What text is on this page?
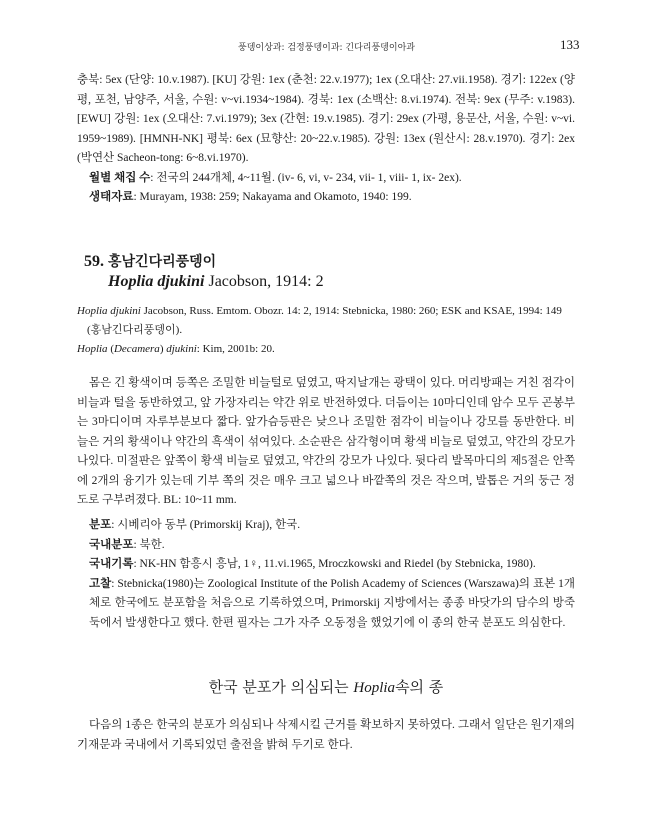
풍뎅이상과: 검정풍뎅이과: 긴다리풍뎅이아과	133

충북: 5ex (단양: 10.v.1987). [KU] 강원: 1ex (춘천: 22.v.1977); 1ex (오대산: 27.vii.1958). 경기: 122ex (양평, 포천, 남양주, 서울, 수원: v~vi.1934~1984). 경북: 1ex (소백산: 8.vi.1974). 전북: 9ex (무주: v.1983). [EWU] 강원: 1ex (오대산: 7.vi.1979); 3ex (간현: 19.v.1985). 경기: 29ex (가평, 용문산, 서울, 수원: v~vi. 1959~1989). [HMNH-NK] 평북: 6ex (묘향산: 20~22.v.1985). 강원: 13ex (원산시: 28.v.1970). 경기: 2ex (박연산 Sacheon-tong: 6~8.vi.1970).

월별 채집 수: 전국의 244개체, 4~11월. (iv- 6, vi, v- 234, vii- 1, viii- 1, ix- 2ex).

생태자료: Murayam, 1938: 259; Nakayama and Okamoto, 1940: 199.

59. 홍남긴다리풍뎅이
Hoplia djukini Jacobson, 1914: 2

Hoplia djukini Jacobson, Russ. Emtom. Obozr. 14: 2, 1914: Stebnicka, 1980: 260; ESK and KSAE, 1994: 149 (홍남긴다리풍뎅이).

Hoplia (Decamera) djukini: Kim, 2001b: 20.

몸은 긴 황색이며 등쪽은 조밀한 비늘털로 덮였고, 딱지날개는 광택이 있다. 머리방패는 거친 점각이 비늘과 털을 동반하였고, 앞 가장자리는 약간 위로 반전하였다. 더듬이는 10마디인데 암수 모두 곤봉부는 3마디이며 자루부분보다 짧다. 앞가슴등판은 낮으나 조밀한 점각이 비늘이나 강모를 동반한다. 비늘은 거의 황색이나 약간의 흑색이 섞여있다. 소순판은 삼각형이며 황색 비늘로 덮였고, 약간의 강모가 나있다. 미절판은 앞쪽이 황색 비늘로 덮였고, 약간의 강모가 나있다. 뒷다리 발목마디의 제5절은 안쪽에 2개의 융기가 있는데 기부 쪽의 것은 매우 크고 넓으나 바깥쪽의 것은 작으며, 발톱은 거의 둥근 정도로 구부려졌다. BL: 10~11 mm.

분포: 시베리아 동부 (Primorskij Kraj), 한국.

국내분포: 북한.

국내기록: NK-HN 함흥시 흥남, 1♀, 11.vi.1965, Mroczkowski and Riedel (by Stebnicka, 1980).

고찰: Stebnicka(1980)는 Zoological Institute of the Polish Academy of Sciences (Warszawa)의 표본 1개체로 한국에도 분포함을 처음으로 기록하였으며, Primorskij 지방에서는 종종 바닷가의 담수의 방죽 둑에서 발생한다고 했다. 한편 필자는 그가 자주 오동정을 했었기에 이 종의 한국 분포도 의심한다.

한국 분포가 의심되는 Hoplia속의 종
다음의 1종은 한국의 분포가 의심되나 삭제시킬 근거를 확보하지 못하였다. 그래서 일단은 원기재의 기재문과 국내에서 기록되었던 출전을 밝혀 두기로 한다.
